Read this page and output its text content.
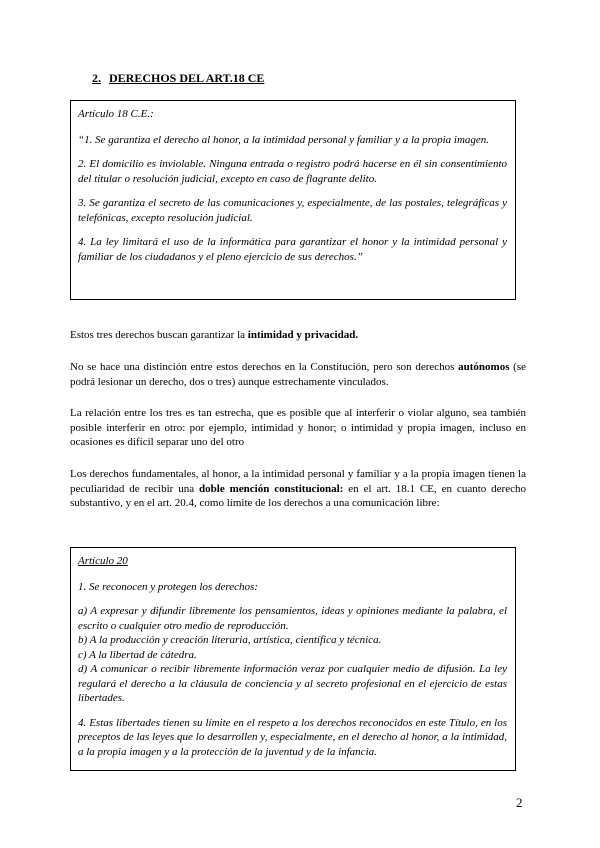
2. DERECHOS DEL ART.18 CE

Artículo 18 C.E.:

“1. Se garantiza el derecho al honor, a la intimidad personal y familiar y a la propia imagen.

2. El domicilio es inviolable. Ninguna entrada o registro podrá hacerse en él sin consentimiento del titular o resolución judicial, excepto en caso de flagrante delito.

3. Se garantiza el secreto de las comunicaciones y, especialmente, de las postales, telegráficas y telefónicas, excepto resolución judicial.

4. La ley limitará el uso de la informática para garantizar el honor y la intimidad personal y familiar de los ciudadanos y el pleno ejercicio de sus derechos.”

Estos tres derechos buscan garantizar la intimidad y privacidad.

No se hace una distinción entre estos derechos en la Constitución, pero son derechos autónomos (se podrá lesionar un derecho, dos o tres) aunque estrechamente vinculados.

La relación entre los tres es tan estrecha, que es posible que al interferir o violar alguno, sea también posible interferir en otro: por ejemplo, intimidad y honor; o intimidad y propia imagen, incluso en ocasiones es difícil separar uno del otro

Los derechos fundamentales, al honor, a la intimidad personal y familiar y a la propia imagen tienen la peculiaridad de recibir una doble mención constitucional: en el art. 18.1 CE, en cuanto derecho substantivo, y en el art. 20.4, como límite de los derechos a una comunicación libre:

Artículo 20

1. Se reconocen y protegen los derechos:

a) A expresar y difundir libremente los pensamientos, ideas y opiniones mediante la palabra, el escrito o cualquier otro medio de reproducción.

b) A la producción y creación literaria, artística, científica y técnica.

c) A la libertad de cátedra.

d) A comunicar o recibir libremente información veraz por cualquier medio de difusión. La ley regulará el derecho a la cláusula de conciencia y al secreto profesional en el ejercicio de estas libertades.

4. Estas libertades tienen su límite en el respeto a los derechos reconocidos en este Título, en los preceptos de las leyes que lo desarrollen y, especialmente, en el derecho al honor, a la intimidad, a la propia imagen y a la protección de la juventud y de la infancia.

2
